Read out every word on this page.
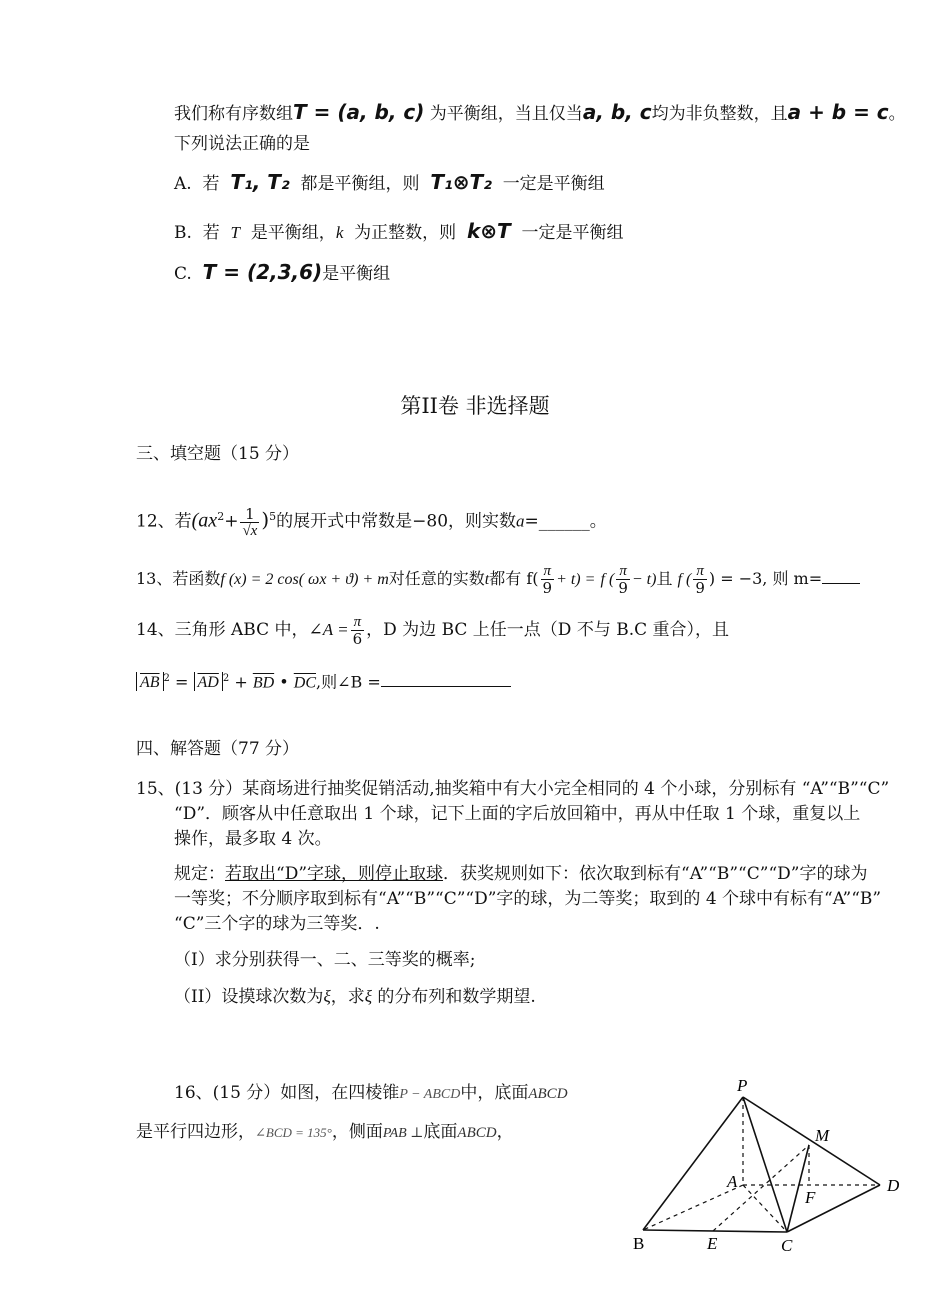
我们称有序数组T = (a, b, c) 为平衡组，当且仅当a, b, c均为非负整数，且a + b = c。
下列说法正确的是
A. 若 T₁, T₂ 都是平衡组，则 T₁⊗T₂ 一定是平衡组
B. 若 T 是平衡组，k 为正整数，则 k⊗T 一定是平衡组
C. T = (2,3,6)是平衡组
第II卷 非选择题
三、填空题（15 分）
12、若$(ax^2+ \frac{1}{√x} )^5$的展开式中常数是−80，则实数a=______。
13、若函数f (x) = 2 cos( ωx + ϑ) + m对任意的实数t都有 $f( \frac{\pi}{9} + t) = f$ ( $\frac{\pi}{9} - t$)且 f ( $\frac{\pi}{9}$ ) = −3, 则 m=
14、三角形 ABC 中，∠A = $\frac{\pi}{6}$ ，D 为边 BC 上任一点（D 不与 B.C 重合），且
$\overline{AB}$ $^2 = \overline{AD}$ $^2 + \overline{BD}$ • $\overline{DC}$,则∠B =
四、解答题（77 分）
15、(13 分）某商场进行抽奖促销活动,抽奖箱中有大小完全相同的 4 个小球，分别标有 “A”“B”“C”
“D”．顾客从中任意取出 1 个球，记下上面的字后放回箱中，再从中任取 1 个球，重复以上
操作，最多取 4 次。
规定：若取出“D”字球，则停止取球．获奖规则如下：依次取到标有“A”“B”“C”“D”字的球为
一等奖；不分顺序取到标有“A”“B”“C”“D”字的球，为二等奖；取到的 4 个球中有标有“A”“B”
“C”三个字的球为三等奖．.
（I）求分别获得一、二、三等奖的概率;
（II）设摸球次数为ξ，求ξ 的分布列和数学期望.
16、(15 分）如图，在四棱锥P − ABCD中，底面ABCD
是平行四边形，∠BCD = 135°，侧面PAB ⊥底面ABCD，
P
M
A
F
D
B	E	C
